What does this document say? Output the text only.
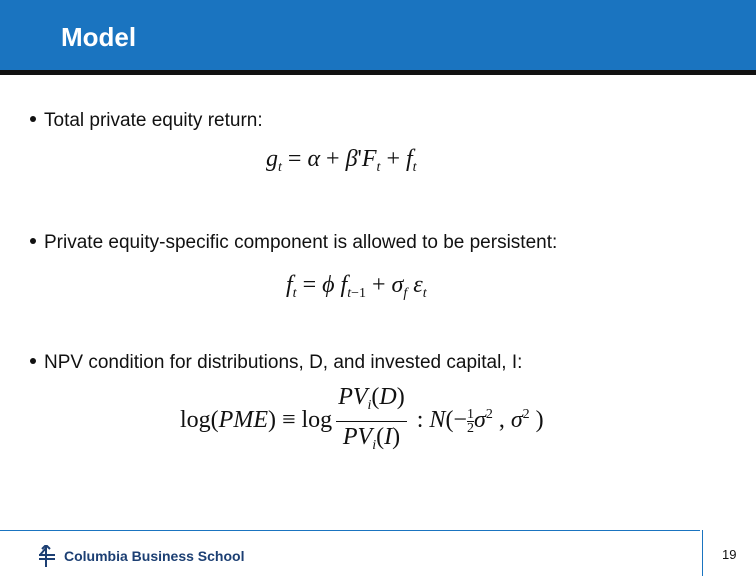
Model
Total private equity return:
$g_t = \alpha + \beta'F_t + f_t$
Private equity-specific component is allowed to be persistent:
$f_t = \phi$ $f_{t-1} + \sigma_f$ $\varepsilon_t$
NPV condition for distributions, D, and invested capital, I:
$\log(PME) \equiv \log \frac{PV_i(D)}{PV_i(I)}$ : $N(- \frac{1}{2}\sigma^2$ , $\sigma^2$ )
Columbia Business School	19
